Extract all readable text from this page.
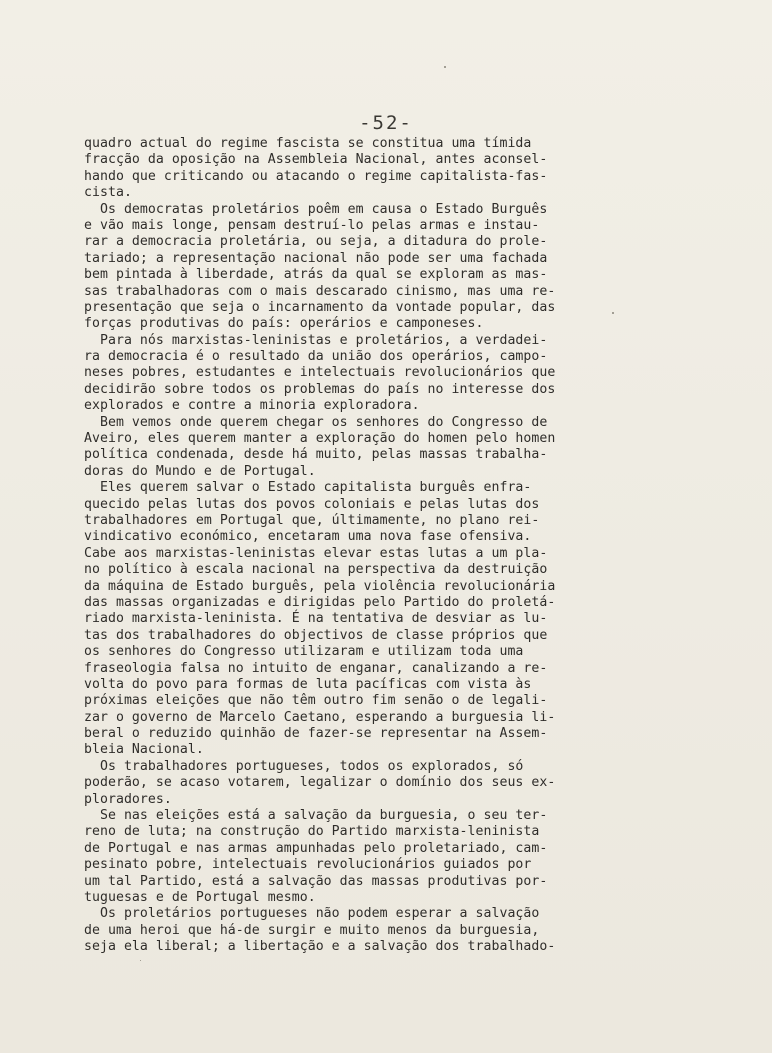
-52-
quadro actual do regime fascista se constitua uma tímida
fracção da oposição na Assembleia Nacional, antes aconsel-
hando que criticando ou atacando o regime capitalista-fas-
cista.
Os democratas proletários poêm em causa o Estado Burguês
e vão mais longe, pensam destruí-lo pelas armas e instau-
rar a democracia proletária, ou seja, a ditadura do prole-
tariado; a representação nacional não pode ser uma fachada
bem pintada à liberdade, atrás da qual se exploram as mas-
sas trabalhadoras com o mais descarado cinismo, mas uma re-
presentação que seja o incarnamento da vontade popular, das
forças produtivas do país: operários e camponeses.
Para nós marxistas-leninistas e proletários, a verdadei-
ra democracia é o resultado da união dos operários, campo-
neses pobres, estudantes e intelectuais revolucionários que
decidirão sobre todos os problemas do país no interesse dos
explorados e contre a minoria exploradora.
Bem vemos onde querem chegar os senhores do Congresso de
Aveiro, eles querem manter a exploração do homen pelo homen
política condenada, desde há muito, pelas massas trabalha-
doras do Mundo e de Portugal.
Eles querem salvar o Estado capitalista burguês enfra-
quecido pelas lutas dos povos coloniais e pelas lutas dos
trabalhadores em Portugal que, últimamente, no plano rei-
vindicativo económico, encetaram uma nova fase ofensiva.
Cabe aos marxistas-leninistas elevar estas lutas a um pla-
no político à escala nacional na perspectiva da destruição
da máquina de Estado burguês, pela violência revolucionária
das massas organizadas e dirigidas pelo Partido do proletá-
riado marxista-leninista. É na tentativa de desviar as lu-
tas dos trabalhadores do objectivos de classe próprios que
os senhores do Congresso utilizaram e utilizam toda uma
fraseologia falsa no intuito de enganar, canalizando a re-
volta do povo para formas de luta pacíficas com vista às
próximas eleições que não têm outro fim senão o de legali-
zar o governo de Marcelo Caetano, esperando a burguesia li-
beral o reduzido quinhão de fazer-se representar na Assem-
bleia Nacional.
Os trabalhadores portugueses, todos os explorados, só
poderão, se acaso votarem, legalizar o domínio dos seus ex-
ploradores.
Se nas eleições está a salvação da burguesia, o seu ter-
reno de luta; na construção do Partido marxista-leninista
de Portugal e nas armas ampunhadas pelo proletariado, cam-
pesinato pobre, intelectuais revolucionários guiados por
um tal Partido, está a salvação das massas produtivas por-
tuguesas e de Portugal mesmo.
Os proletários portugueses não podem esperar a salvação
de uma heroi que há-de surgir e muito menos da burguesia,
seja ela liberal; a libertação e a salvação dos trabalhado-
